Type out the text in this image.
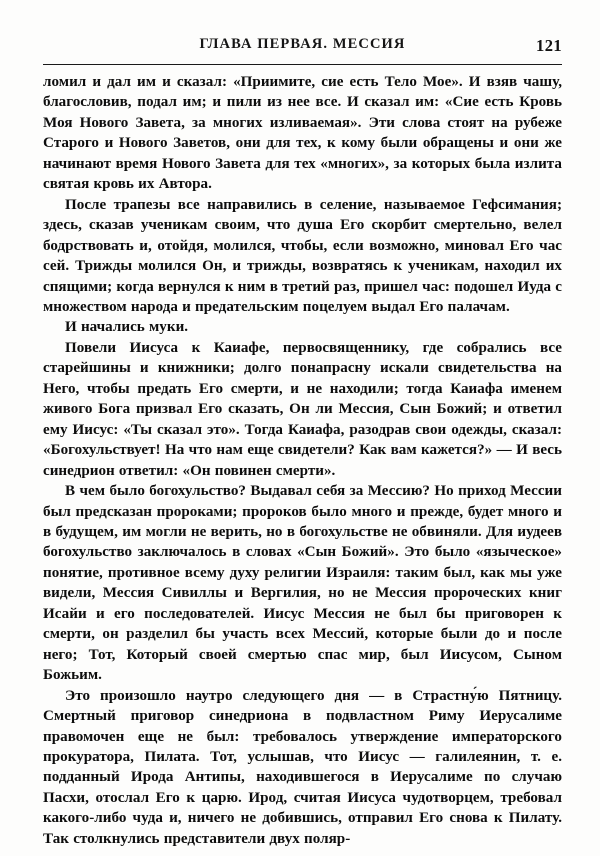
ГЛАВА ПЕРВАЯ. МЕССИЯ	121

ломил и дал им и сказал: «Приимите, сие есть Тело Мое». И взяв чашу, благословив, подал им; и пили из нее все. И сказал им: «Сие есть Кровь Моя Нового Завета, за многих изливаемая». Эти слова стоят на рубеже Старого и Нового Заветов, они для тех, к кому были обращены и они же начинают время Нового Завета для тех «многих», за которых была излита святая кровь их Автора.

После трапезы все направились в селение, называемое Гефсимания; здесь, сказав ученикам своим, что душа Его скорбит смертельно, велел бодрствовать и, отойдя, молился, чтобы, если возможно, миновал Его час сей. Трижды молился Он, и трижды, возвратясь к ученикам, находил их спящими; когда вернулся к ним в третий раз, пришел час: подошел Иуда с множеством народа и предательским поцелуем выдал Его палачам.

И начались муки.

Повели Иисуса к Каиафе, первосвященнику, где собрались все старейшины и книжники; долго понапрасну искали свидетельства на Него, чтобы предать Его смерти, и не находили; тогда Каиафа именем живого Бога призвал Его сказать, Он ли Мессия, Сын Божий; и ответил ему Иисус: «Ты сказал это». Тогда Каиафа, разодрав свои одежды, сказал: «Богохульствует! На что нам еще свидетели? Как вам кажется?» — И весь синедрион ответил: «Он повинен смерти».

В чем было богохульство? Выдавал себя за Мессию? Но приход Мессии был предсказан пророками; пророков было много и прежде, будет много и в будущем, им могли не верить, но в богохульстве не обвиняли. Для иудеев богохульство заключалось в словах «Сын Божий». Это было «языческое» понятие, противное всему духу религии Израиля: таким был, как мы уже видели, Мессия Сивиллы и Вергилия, но не Мессия пророческих книг Исайи и его последователей. Иисус Мессия не был бы приговорен к смерти, он разделил бы участь всех Мессий, которые были до и после него; Тот, Который своей смертью спас мир, был Иисусом, Сыном Божьим.

Это произошло наутро следующего дня — в Страстну́ю Пятницу. Смертный приговор синедриона в подвластном Риму Иерусалиме правомочен еще не был: требовалось утверждение императорского прокуратора, Пилата. Тот, услышав, что Иисус — галилеянин, т. е. подданный Ирода Антипы, находившегося в Иерусалиме по случаю Пасхи, отослал Его к царю. Ирод, считая Иисуса чудотворцем, требовал какого-либо чуда и, ничего не добившись, отправил Его снова к Пилату. Так столкнулись представители двух поляр-
